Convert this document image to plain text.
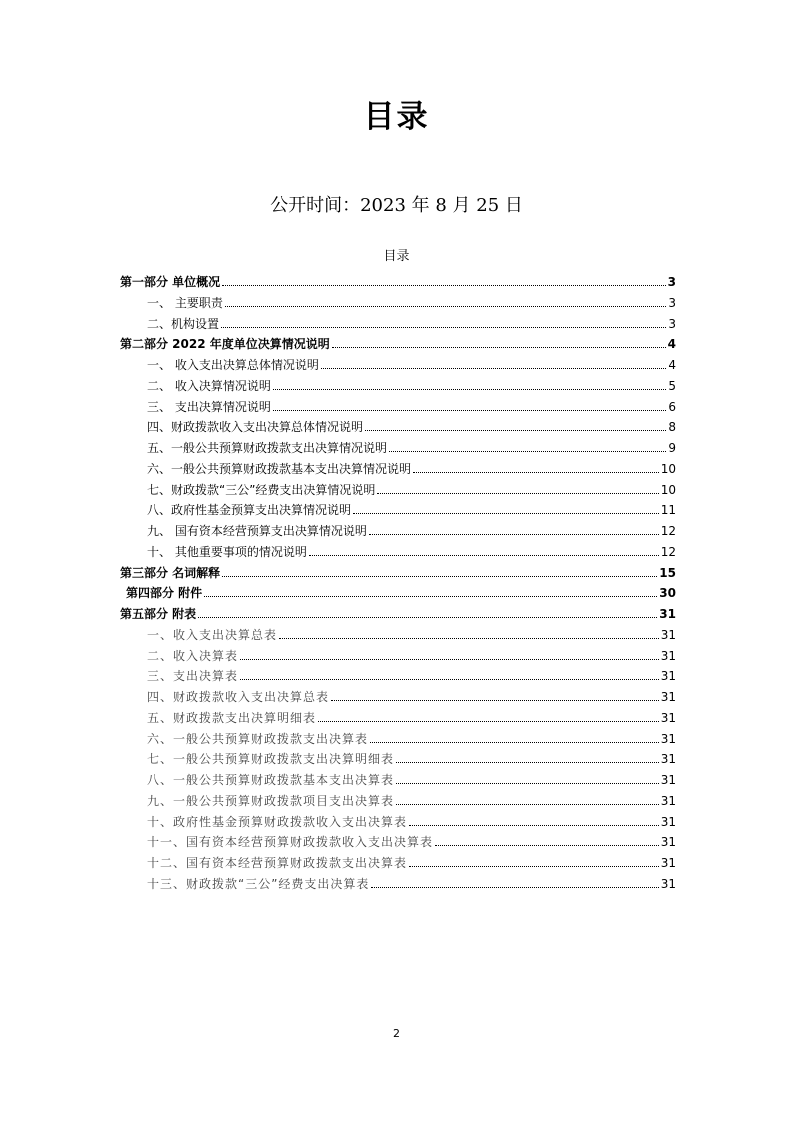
目录
公开时间：2023 年 8 月 25 日
目录
第一部分 单位概况	3
一、 主要职责	3
二、机构设置	3
第二部分 2022 年度单位决算情况说明	4
一、 收入支出决算总体情况说明	4
二、 收入决算情况说明	5
三、 支出决算情况说明	6
四、财政拨款收入支出决算总体情况说明	8
五、一般公共预算财政拨款支出决算情况说明	9
六、一般公共预算财政拨款基本支出决算情况说明	10
七、财政拨款“三公”经费支出决算情况说明	10
八、政府性基金预算支出决算情况说明	11
九、 国有资本经营预算支出决算情况说明	12
十、 其他重要事项的情况说明	12
第三部分 名词解释	15
第四部分 附件	30
第五部分 附表	31
一、收入支出决算总表	31
二、收入决算表	31
三、支出决算表	31
四、财政拨款收入支出决算总表	31
五、财政拨款支出决算明细表	31
六、一般公共预算财政拨款支出决算表	31
七、一般公共预算财政拨款支出决算明细表	31
八、一般公共预算财政拨款基本支出决算表	31
九、一般公共预算财政拨款项目支出决算表	31
十、政府性基金预算财政拨款收入支出决算表	31
十一、国有资本经营预算财政拨款收入支出决算表	31
十二、国有资本经营预算财政拨款支出决算表	31
十三、财政拨款“三公”经费支出决算表	31
2
